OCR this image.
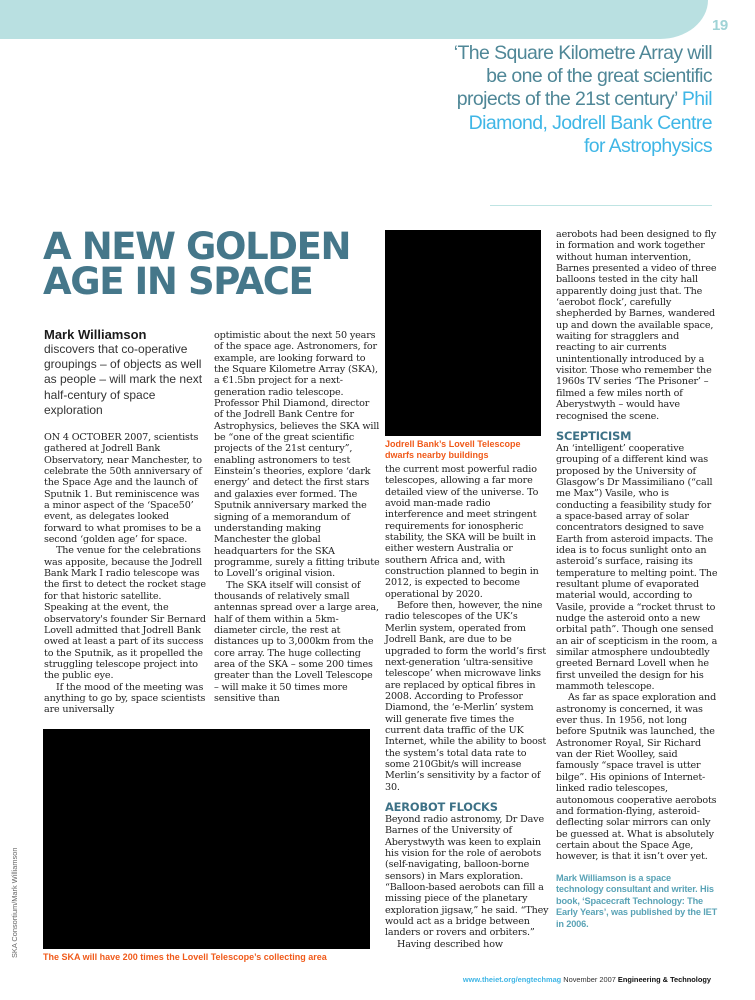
19
‘The Square Kilometre Array will be one of the great scientific projects of the 21st century’ Phil Diamond, Jodrell Bank Centre for Astrophysics
A NEW GOLDEN AGE IN SPACE
Mark Williamson
discovers that co-operative groupings – of objects as well as people – will mark the next half-century of space exploration

ON 4 OCTOBER 2007, scientists gathered at Jodrell Bank Observatory, near Manchester, to celebrate the 50th anniversary of the Space Age and the launch of Sputnik 1. But reminiscence was a minor aspect of the ‘Space50’ event, as delegates looked forward to what promises to be a second ‘golden age’ for space.

The venue for the celebrations was apposite, because the Jodrell Bank Mark I radio telescope was the first to detect the rocket stage for that historic satellite. Speaking at the event, the observatory's founder Sir Bernard Lovell admitted that Jodrell Bank owed at least a part of its success to the Sputnik, as it propelled the struggling telescope project into the public eye.

If the mood of the meeting was anything to go by, space scientists are universally

optimistic about the next 50 years of the space age. Astronomers, for example, are looking forward to the Square Kilometre Array (SKA), a €1.5bn project for a next-generation radio telescope. Professor Phil Diamond, director of the Jodrell Bank Centre for Astrophysics, believes the SKA will be “one of the great scientific projects of the 21st century”, enabling astronomers to test Einstein’s theories, explore ‘dark energy’ and detect the first stars and galaxies ever formed. The Sputnik anniversary marked the signing of a memorandum of understanding making Manchester the global headquarters for the SKA programme, surely a fitting tribute to Lovell’s original vision.

The SKA itself will consist of thousands of relatively small antennas spread over a large area, half of them within a 5km-diameter circle, the rest at distances up to 3,000km from the core array. The huge collecting area of the SKA – some 200 times greater than the Lovell Telescope – will make it 50 times more sensitive than

The SKA will have 200 times the Lovell Telescope’s collecting area
SKA Consortium/Mark Williamson
Jodrell Bank’s Lovell Telescope dwarfs nearby buildings

the current most powerful radio telescopes, allowing a far more detailed view of the universe. To avoid man-made radio interference and meet stringent requirements for ionospheric stability, the SKA will be built in either western Australia or southern Africa and, with construction planned to begin in 2012, is expected to become operational by 2020.

Before then, however, the nine radio telescopes of the UK’s Merlin system, operated from Jodrell Bank, are due to be upgraded to form the world’s first next-generation ‘ultra-sensitive telescope’ when microwave links are replaced by optical fibres in 2008. According to Professor Diamond, the ‘e-Merlin’ system will generate five times the current data traffic of the UK Internet, while the ability to boost the system’s total data rate to some 210Gbit/s will increase Merlin’s sensitivity by a factor of 30.

AEROBOT FLOCKS

Beyond radio astronomy, Dr Dave Barnes of the University of Aberystwyth was keen to explain his vision for the role of aerobots (self-navigating, balloon-borne sensors) in Mars exploration. “Balloon-based aerobots can fill a missing piece of the planetary exploration jigsaw,” he said. “They would act as a bridge between landers or rovers and orbiters.”

Having described how

aerobots had been designed to fly in formation and work together without human intervention, Barnes presented a video of three balloons tested in the city hall apparently doing just that. The ‘aerobot flock’, carefully shepherded by Barnes, wandered up and down the available space, waiting for stragglers and reacting to air currents unintentionally introduced by a visitor. Those who remember the 1960s TV series ‘The Prisoner’ – filmed a few miles north of Aberystwyth – would have recognised the scene.

SCEPTICISM

An ‘intelligent’ cooperative grouping of a different kind was proposed by the University of Glasgow’s Dr Massimiliano (“call me Max”) Vasile, who is conducting a feasibility study for a space-based array of solar concentrators designed to save Earth from asteroid impacts. The idea is to focus sunlight onto an asteroid’s surface, raising its temperature to melting point. The resultant plume of evaporated material would, according to Vasile, provide a “rocket thrust to nudge the asteroid onto a new orbital path”. Though one sensed an air of scepticism in the room, a similar atmosphere undoubtedly greeted Bernard Lovell when he first unveiled the design for his mammoth telescope.

As far as space exploration and astronomy is concerned, it was ever thus. In 1956, not long before Sputnik was launched, the Astronomer Royal, Sir Richard van der Riet Woolley, said famously “space travel is utter bilge”. His opinions of Internet-linked radio telescopes, autonomous cooperative aerobots and formation-flying, asteroid-deflecting solar mirrors can only be guessed at. What is absolutely certain about the Space Age, however, is that it isn’t over yet.

Mark Williamson is a space technology consultant and writer. His book, ‘Spacecraft Technology: The Early Years’, was published by the IET in 2006.

www.theiet.org/engtechmag November 2007 Engineering & Technology
